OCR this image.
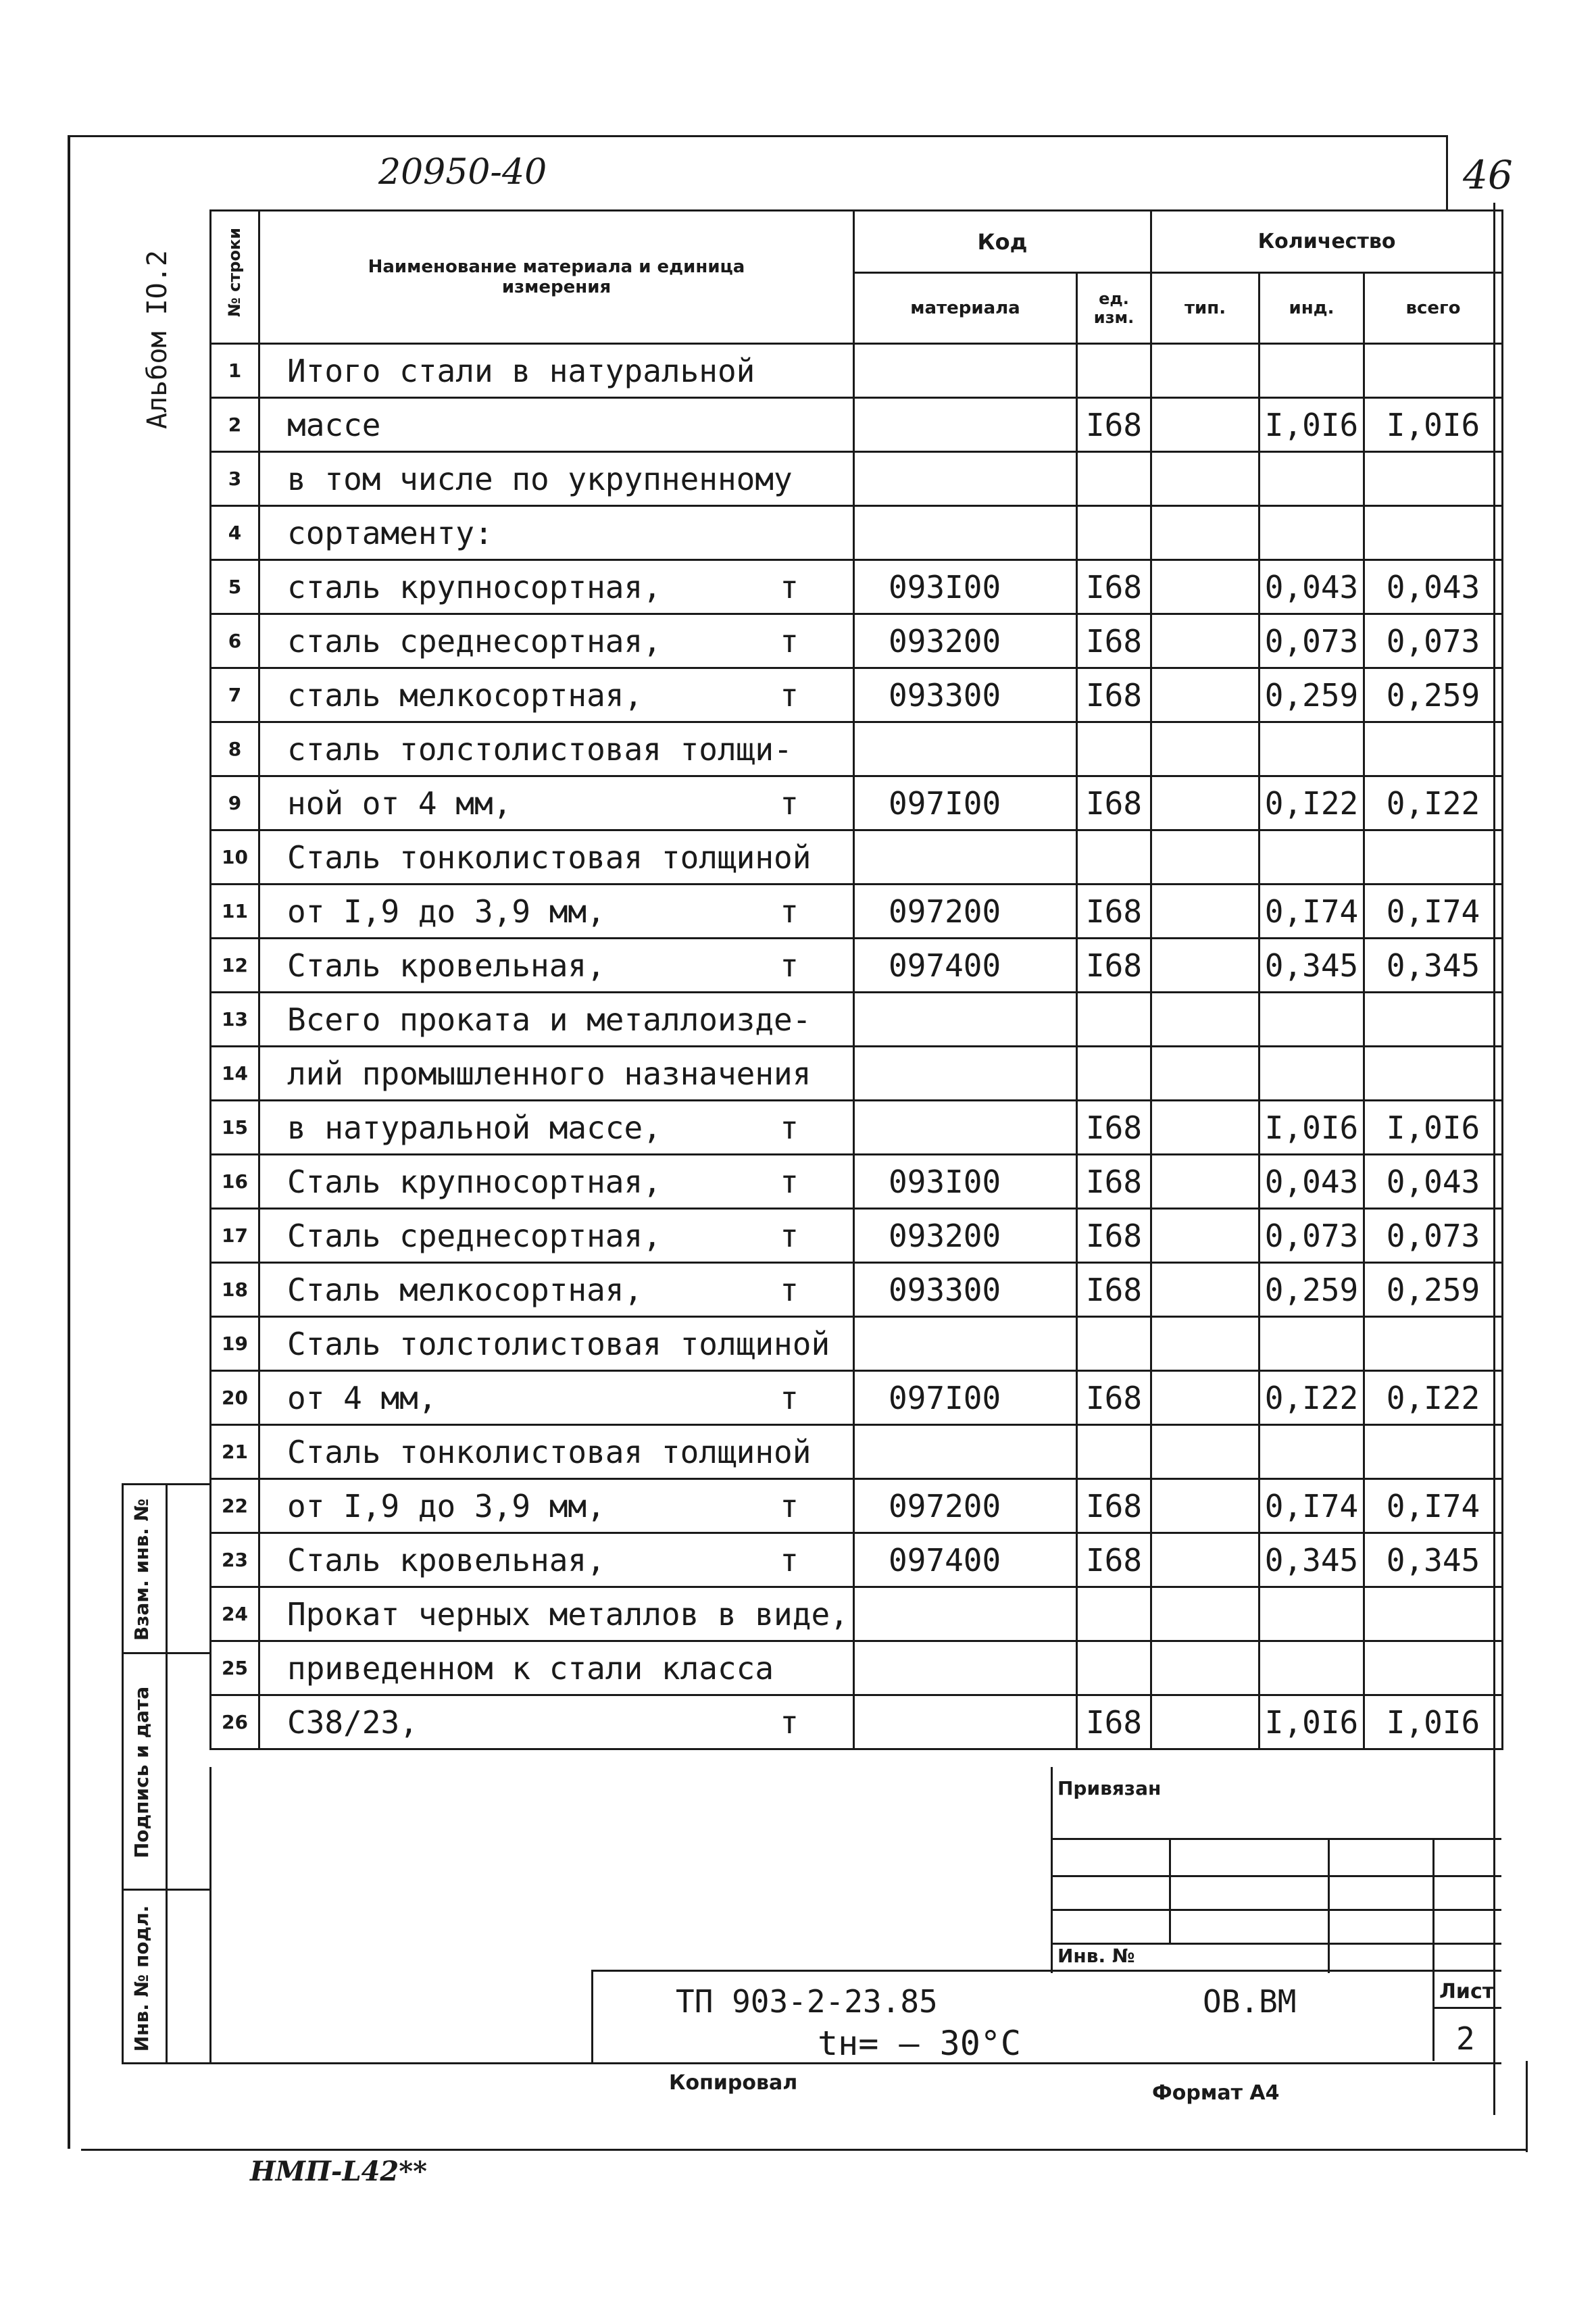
20950-40	46
Альбом IO.2	№ строки	Наименование материала и единица измерения	Код		Количество		
		материала	ед. изм.	тип.	инд.	всего
1	Итого стали в натуральной

2	массе		I68		I,0I6	I,0I6
3	в том числе по укрупненному

4	сортаменту:

5	сталь крупносортная, т	093I00	I68		0,043	0,043
6	сталь среднесортная, т	093200	I68		0,073	0,073
7	сталь мелкосортная, т	093300	I68		0,259	0,259
8	сталь толстолистовая толщи-

9	ной от 4 мм, т	097I00	I68		0,I22	0,I22
10	Сталь тонколистовая толщиной

11	от I,9 до 3,9 мм, т	097200	I68		0,I74	0,I74
12	Сталь кровельная, т	097400	I68		0,345	0,345
13	Всего проката и металлоизде-

14	лий промышленного назначения

15	в натуральной массе, т		I68		I,0I6	I,0I6
16	Сталь крупносортная, т	093I00	I68		0,043	0,043
17	Сталь среднесортная, т	093200	I68		0,073	0,073
18	Сталь мелкосортная, т	093300	I68		0,259	0,259
19	Сталь толстолистовая толщиной

20	от 4 мм, т	097I00	I68		0,I22	0,I22
21	Сталь тонколистовая толщиной

22	от I,9 до 3,9 мм, т	097200	I68		0,I74	0,I74
23	Сталь кровельная, т	097400	I68		0,345	0,345
24	Прокат черных металлов в виде,

25	приведенном к стали класса

26	С38/23, т		I68		I,0I6	I,0I6
Взам. инв. №
Подпись и дата
Инв. № подл.
Привязан
Инв. №
ТП 903-2-23.85	ОВ.ВМ
tн= – 30°С
Лист
2
Копировал	Формат А4
НМП-L42**
